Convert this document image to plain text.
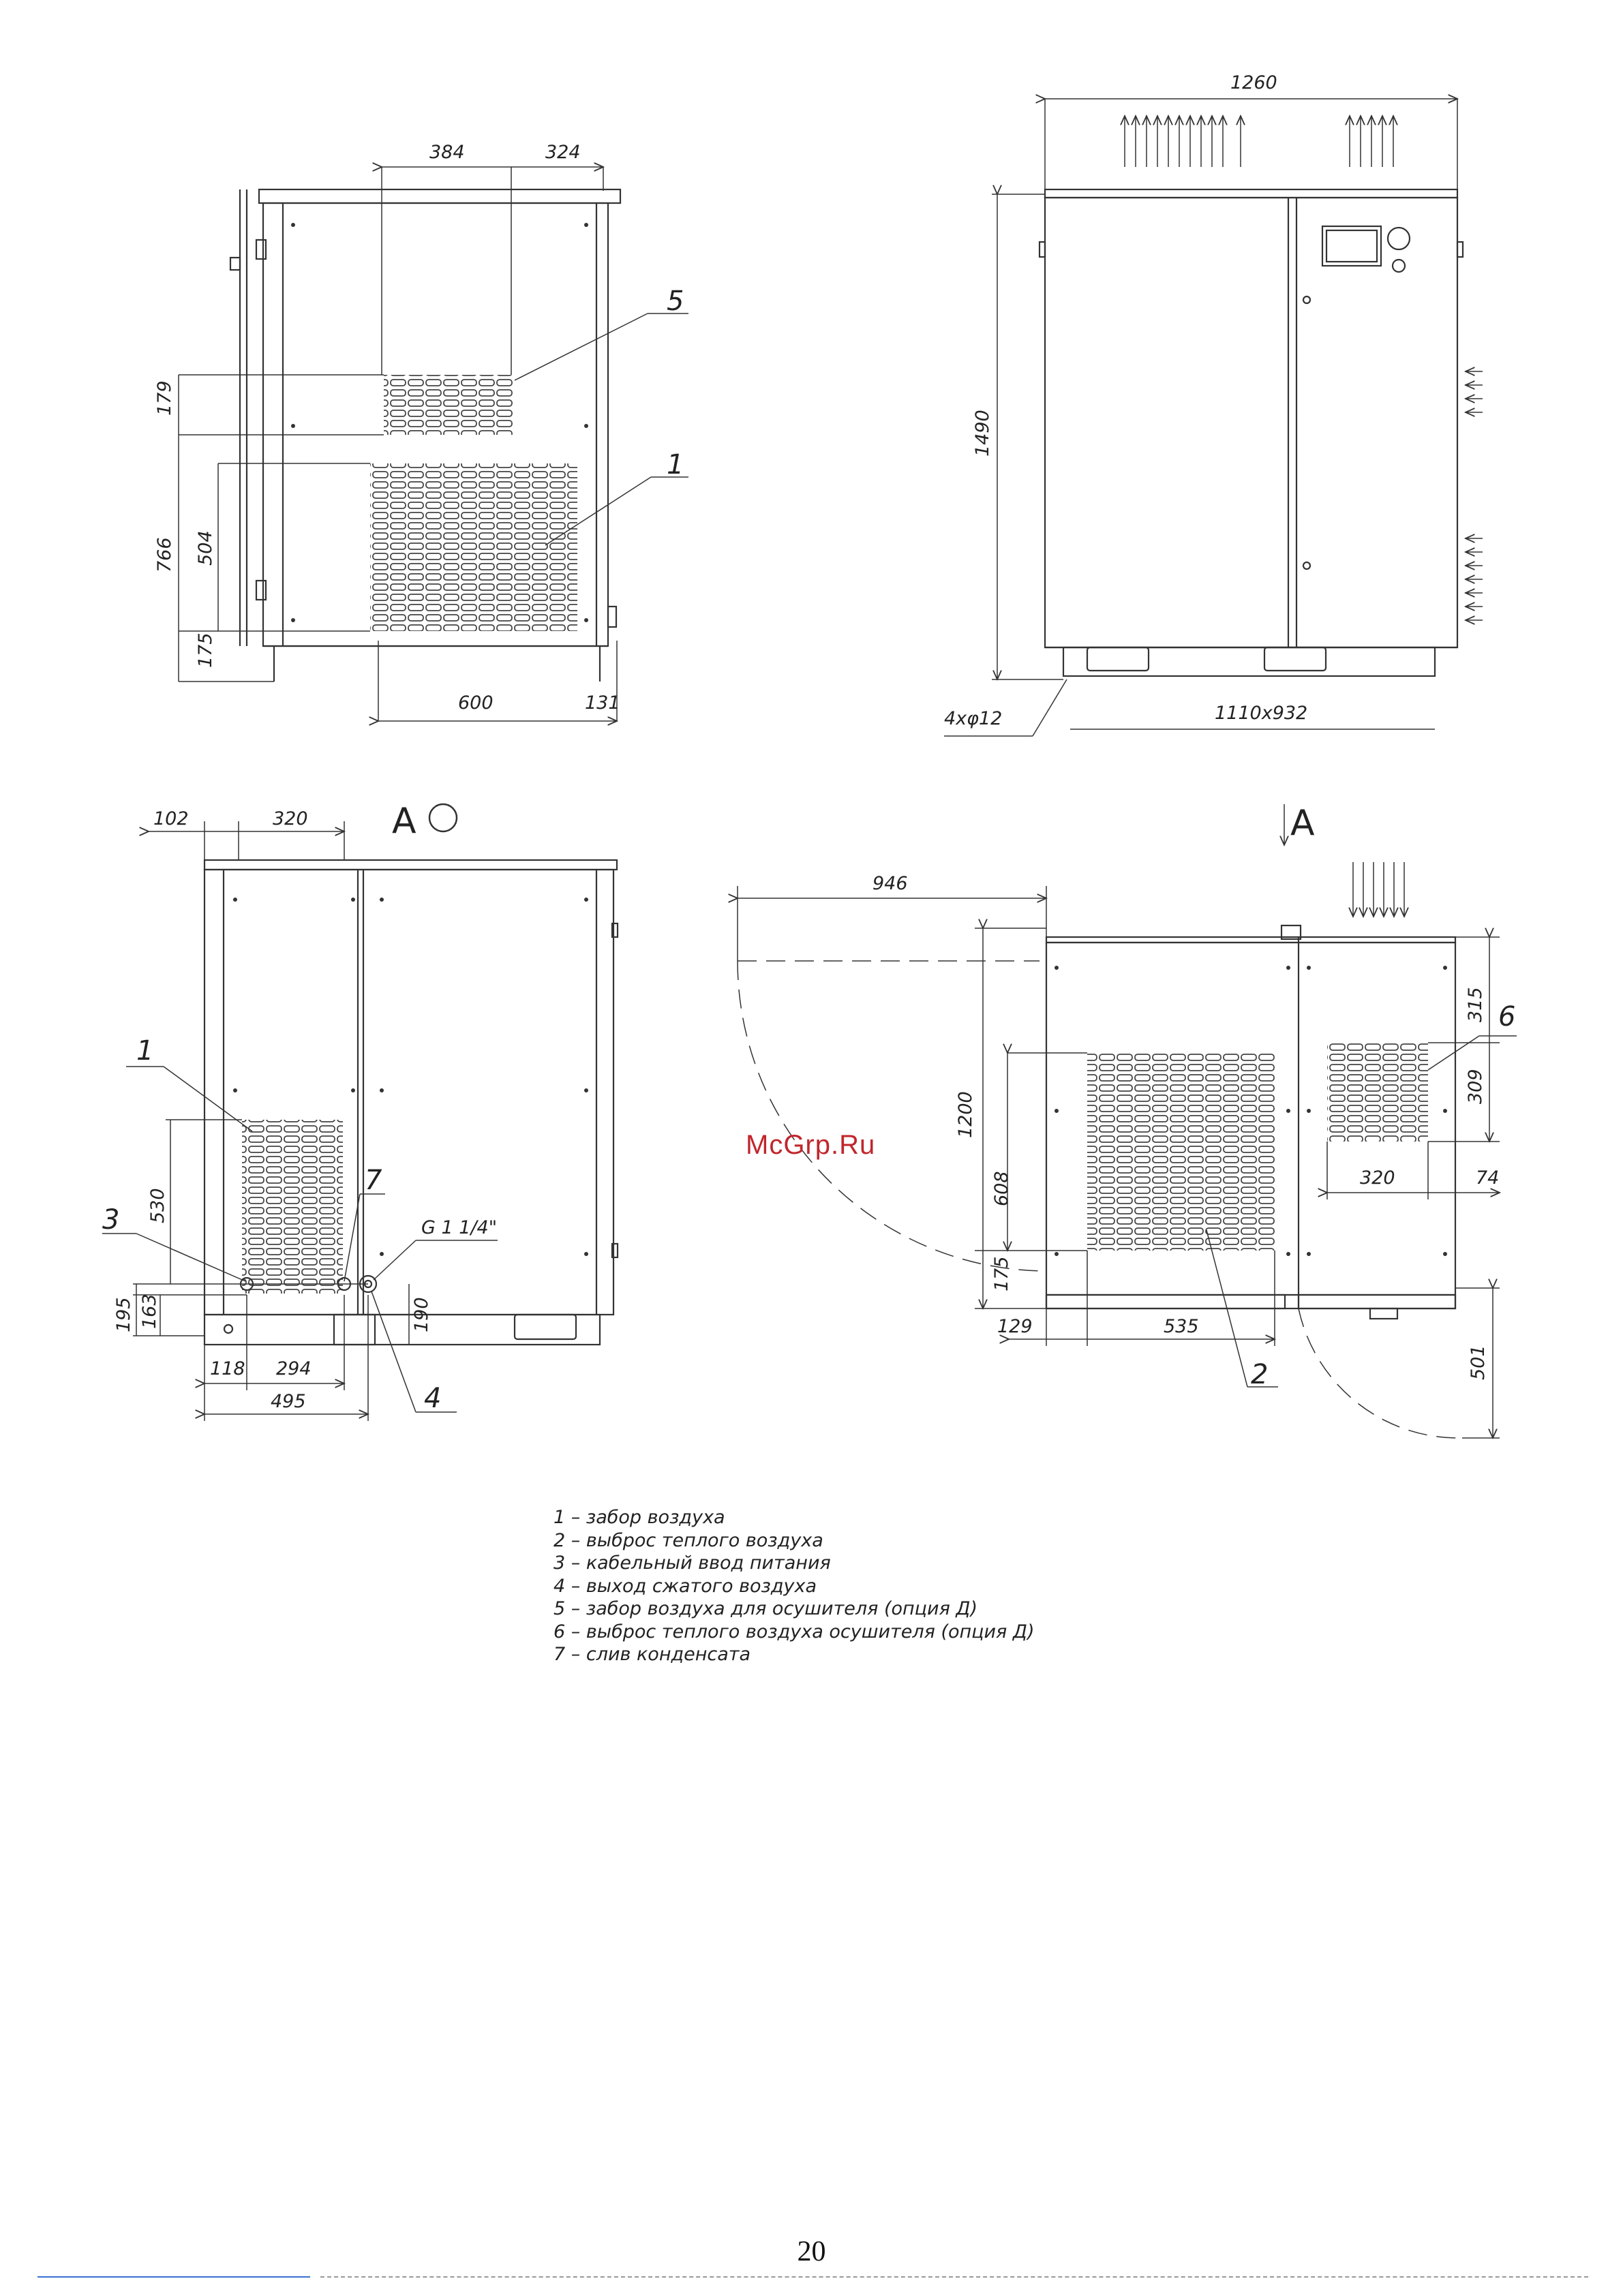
384	324
179
504
766
175
600	131
5
1
1260
1490
4xφ12	1110x932
A
102	320
530
195 163	190
118 294
495
G 1 1/4"
1
3
7
4
A
946
1200
608
175
129	535
315
309
320	74
501
6
2
McGrp.Ru
1 – забор воздуха
2 – выброс теплого воздуха
3 – кабельный ввод питания
4 – выход сжатого воздуха
5 – забор воздуха для осушителя (опция Д)
6 – выброс теплого воздуха осушителя (опция Д)
7 – слив конденсата
20
